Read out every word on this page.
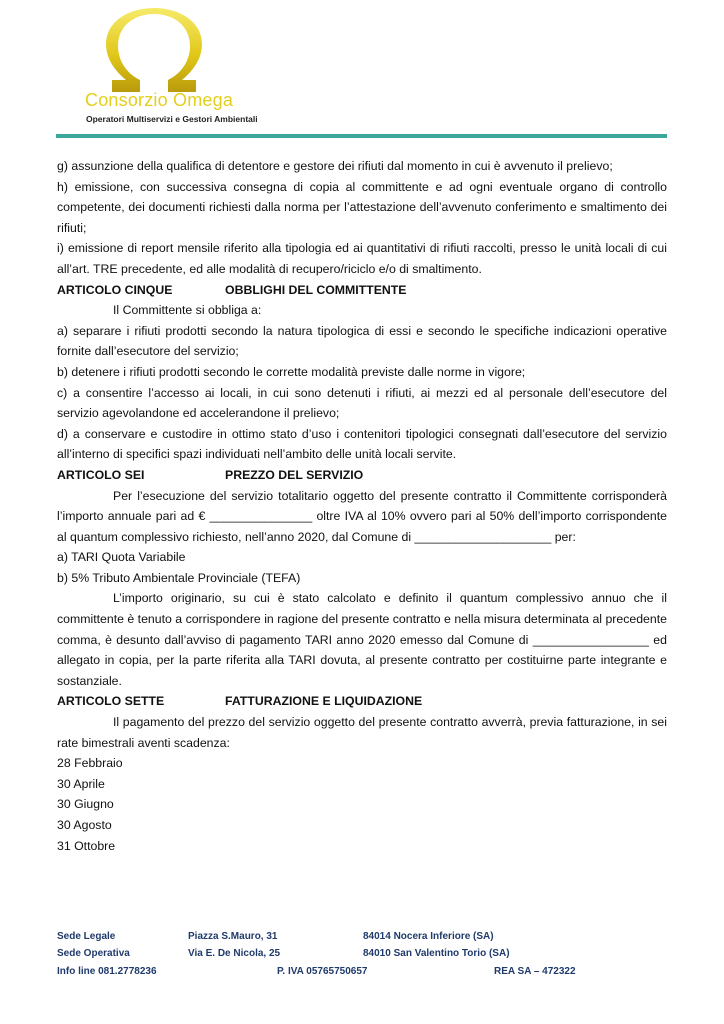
Consorzio Omega
Operatori Multiservizi e Gestori Ambientali

g) assunzione della qualifica di detentore e gestore dei rifiuti dal momento in cui è avvenuto il prelievo;

h) emissione, con successiva consegna di copia al committente e ad ogni eventuale organo di controllo competente, dei documenti richiesti dalla norma per l’attestazione dell’avvenuto conferimento e smaltimento dei rifiuti;

i) emissione di report mensile riferito alla tipologia ed ai quantitativi di rifiuti raccolti, presso le unità locali di cui all’art. TRE precedente, ed alle modalità di recupero/riciclo e/o di smaltimento.

ARTICOLO CINQUE	OBBLIGHI DEL COMMITTENTE

Il Committente si obbliga a:

a) separare i rifiuti prodotti secondo la natura tipologica di essi e secondo le specifiche indicazioni operative fornite dall’esecutore del servizio;

b) detenere i rifiuti prodotti secondo le corrette modalità previste dalle norme in vigore;

c) a consentire l’accesso ai locali, in cui sono detenuti i rifiuti, ai mezzi ed al personale dell’esecutore del servizio agevolandone ed accelerandone il prelievo;

d) a conservare e custodire in ottimo stato d’uso i contenitori tipologici consegnati dall’esecutore del servizio all’interno di specifici spazi individuati nell’ambito delle unità locali servite.

ARTICOLO SEI	PREZZO DEL SERVIZIO

Per l’esecuzione del servizio totalitario oggetto del presente contratto il Committente corrisponderà l’importo annuale pari ad € _______________ oltre IVA al 10% ovvero pari al 50% dell’importo corrispondente al quantum complessivo richiesto, nell’anno 2020, dal Comune di ____________________ per:

a) TARI Quota Variabile

b) 5% Tributo Ambientale Provinciale (TEFA)

L’importo originario, su cui è stato calcolato e definito il quantum complessivo annuo che il committente è tenuto a corrispondere in ragione del presente contratto e nella misura determinata al precedente comma, è desunto dall’avviso di pagamento TARI anno 2020 emesso dal Comune di _________________ ed allegato in copia, per la parte riferita alla TARI dovuta, al presente contratto per costituirne parte integrante e sostanziale.

ARTICOLO SETTE	FATTURAZIONE E LIQUIDAZIONE

Il pagamento del prezzo del servizio oggetto del presente contratto avverrà, previa fatturazione, in sei rate bimestrali aventi scadenza:

28 Febbraio

30 Aprile

30 Giugno

30 Agosto

31 Ottobre

Sede Legale	Piazza S.Mauro, 31	84014 Nocera Inferiore (SA)
Sede Operativa	Via E. De Nicola, 25	84010 San Valentino Torio (SA)
Info line 081.2778236	P. IVA 05765750657	REA SA – 472322
